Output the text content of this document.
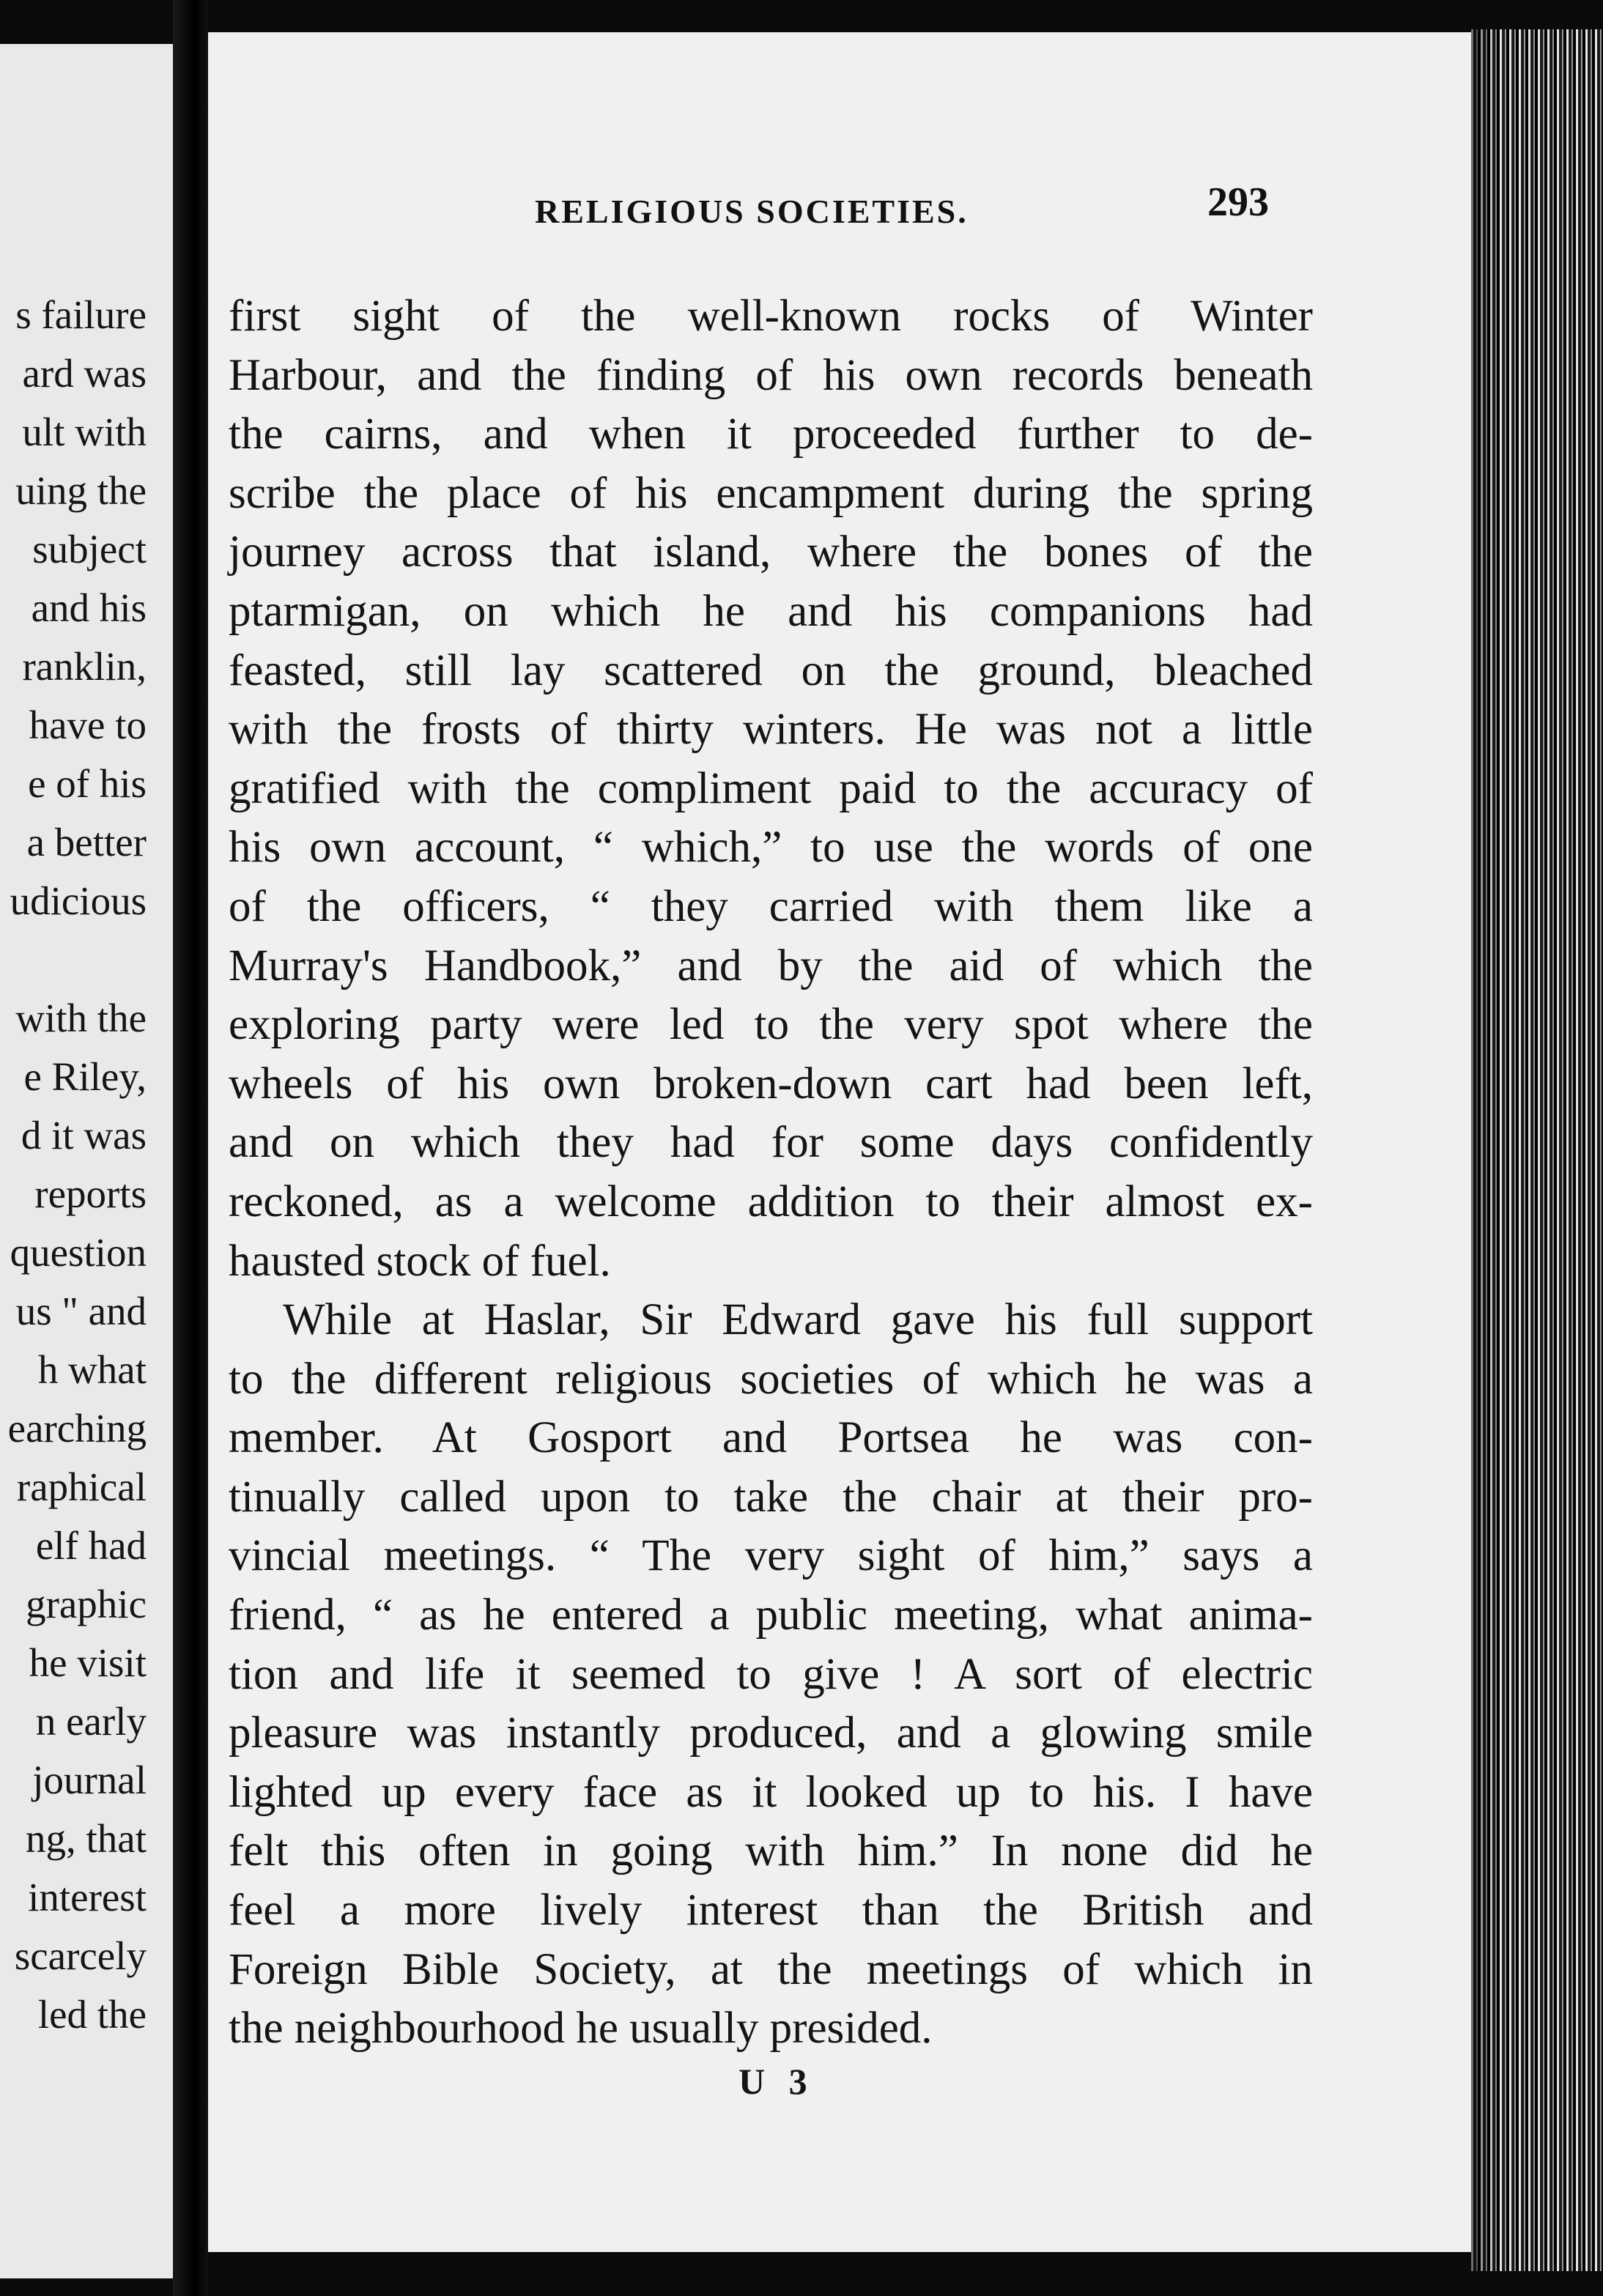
s failure
ard was
ult with
uing the
subject
and his
ranklin,
have to
e of his
a better
udicious
with the
e Riley,
d it was
reports
question
us " and
h what
earching
raphical
elf had
graphic
he visit
n early
journal
ng, that
interest
scarcely
led the
RELIGIOUS SOCIETIES.	293
first sight of the well-known rocks of Winter
Harbour, and the finding of his own records beneath
the cairns, and when it proceeded further to de-
scribe the place of his encampment during the spring
journey across that island, where the bones of the
ptarmigan, on which he and his companions had
feasted, still lay scattered on the ground, bleached
with the frosts of thirty winters. He was not a little
gratified with the compliment paid to the accuracy of
his own account, “ which,” to use the words of one
of the officers, “ they carried with them like a
Murray's Handbook,” and by the aid of which the
exploring party were led to the very spot where the
wheels of his own broken-down cart had been left,
and on which they had for some days confidently
reckoned, as a welcome addition to their almost ex-
hausted stock of fuel.
While at Haslar, Sir Edward gave his full support
to the different religious societies of which he was a
member. At Gosport and Portsea he was con-
tinually called upon to take the chair at their pro-
vincial meetings. “ The very sight of him,” says a
friend, “ as he entered a public meeting, what anima-
tion and life it seemed to give ! A sort of electric
pleasure was instantly produced, and a glowing smile
lighted up every face as it looked up to his. I have
felt this often in going with him.” In none did he
feel a more lively interest than the British and
Foreign Bible Society, at the meetings of which in
the neighbourhood he usually presided.
U 3
